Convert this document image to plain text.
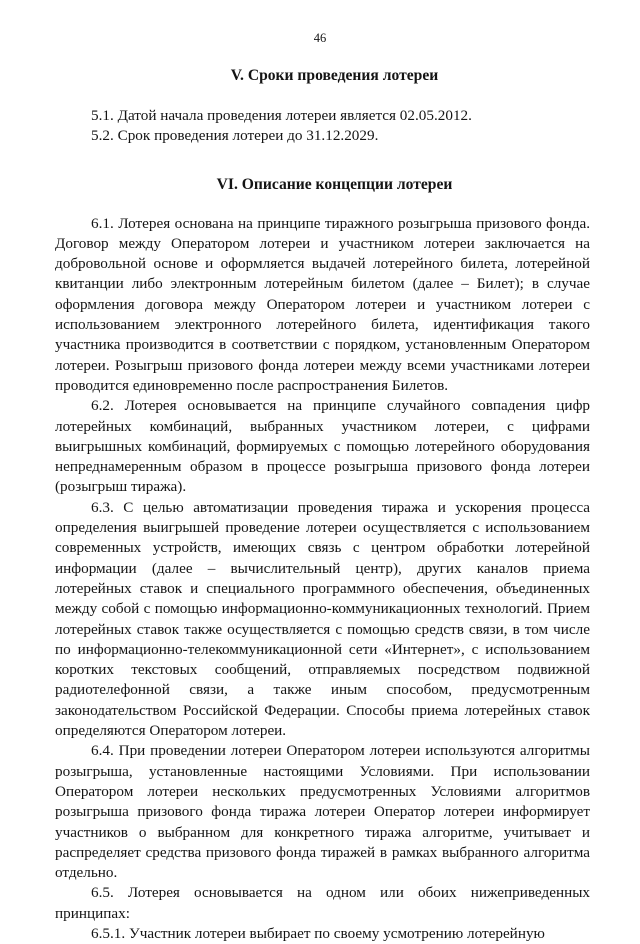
46
V. Сроки проведения лотереи

5.1. Датой начала проведения лотереи является 02.05.2012.

5.2. Срок проведения лотереи до 31.12.2029.

VI. Описание концепции лотереи

6.1. Лотерея основана на принципе тиражного розыгрыша призового фонда. Договор между Оператором лотереи и участником лотереи заключается на добровольной основе и оформляется выдачей лотерейного билета, лотерейной квитанции либо электронным лотерейным билетом (далее – Билет); в случае оформления договора между Оператором лотереи и участником лотереи с использованием электронного лотерейного билета, идентификация такого участника производится в соответствии с порядком, установленным Оператором лотереи. Розыгрыш призового фонда лотереи между всеми участниками лотереи проводится единовременно после распространения Билетов.

6.2. Лотерея основывается на принципе случайного совпадения цифр лотерейных комбинаций, выбранных участником лотереи, с цифрами выигрышных комбинаций, формируемых с помощью лотерейного оборудования непреднамеренным образом в процессе розыгрыша призового фонда лотереи (розыгрыш тиража).

6.3. С целью автоматизации проведения тиража и ускорения процесса определения выигрышей проведение лотереи осуществляется с использованием современных устройств, имеющих связь с центром обработки лотерейной информации (далее – вычислительный центр), других каналов приема лотерейных ставок и специального программного обеспечения, объединенных между собой с помощью информационно-коммуникационных технологий. Прием лотерейных ставок также осуществляется с помощью средств связи, в том числе по информационно-телекоммуникационной сети «Интернет», с использованием коротких текстовых сообщений, отправляемых посредством подвижной радиотелефонной связи, а также иным способом, предусмотренным законодательством Российской Федерации. Способы приема лотерейных ставок определяются Оператором лотереи.

6.4. При проведении лотереи Оператором лотереи используются алгоритмы розыгрыша, установленные настоящими Условиями. При использовании Оператором лотереи нескольких предусмотренных Условиями алгоритмов розыгрыша призового фонда тиража лотереи Оператор лотереи информирует участников о выбранном для конкретного тиража алгоритме, учитывает и распределяет средства призового фонда тиражей в рамках выбранного алгоритма отдельно.

6.5. Лотерея основывается на одном или обоих нижеприведенных принципах:

6.5.1. Участник лотереи выбирает по своему усмотрению лотерейную
